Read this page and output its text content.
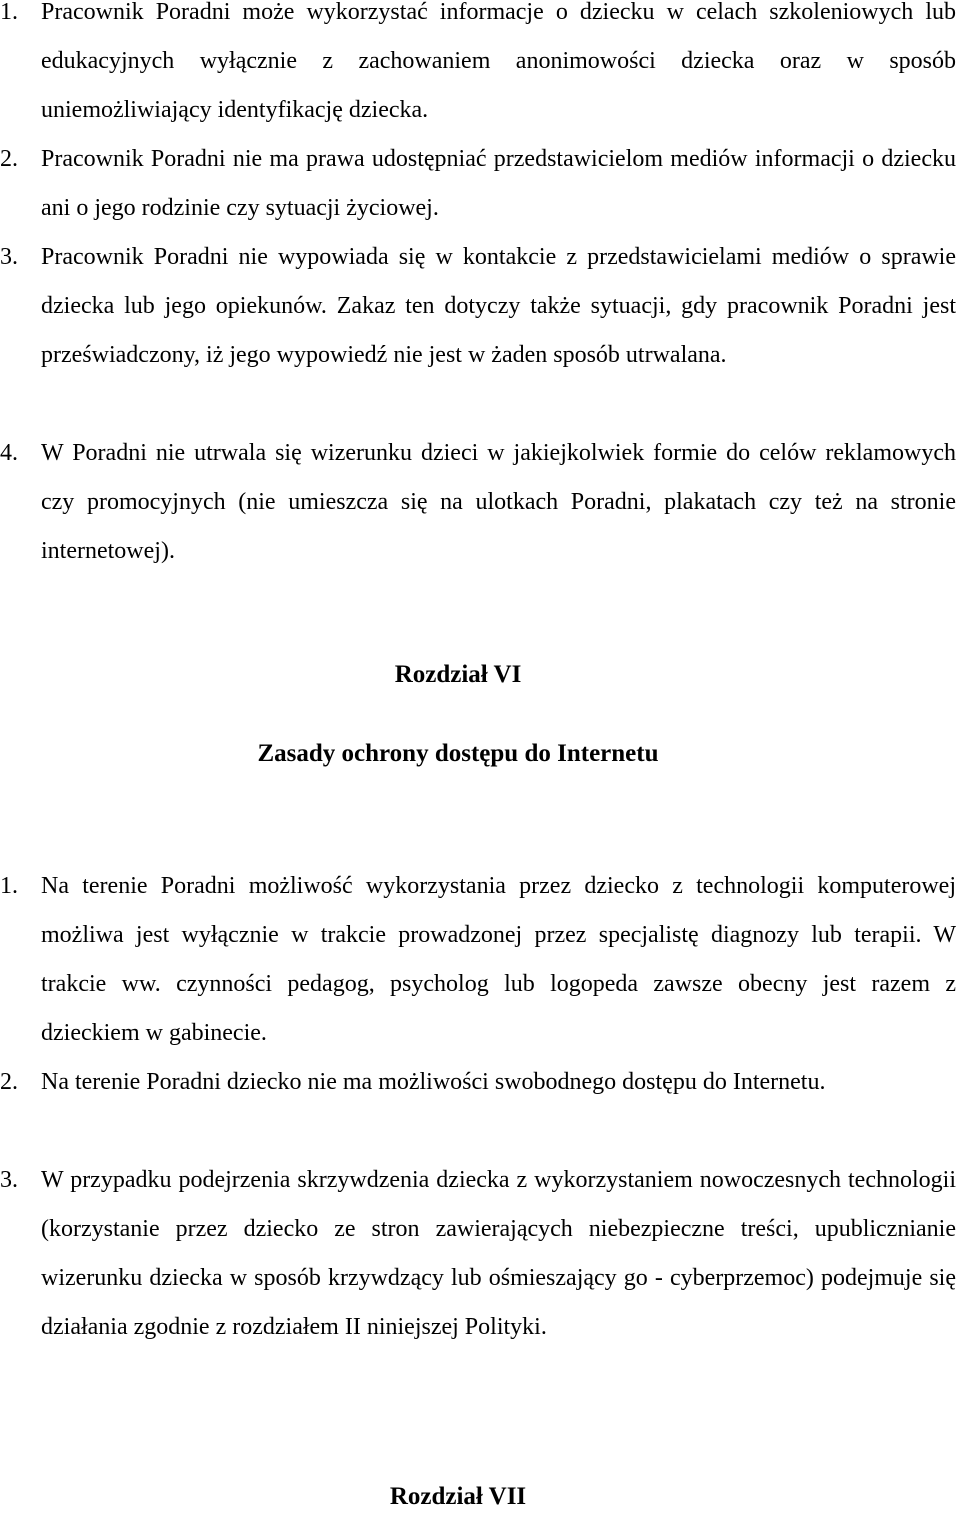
1. Pracownik Poradni może wykorzystać informacje o dziecku w celach szkoleniowych lub edukacyjnych wyłącznie z zachowaniem anonimowości dziecka oraz w sposób uniemożliwiający identyfikację dziecka.

2. Pracownik Poradni nie ma prawa udostępniać przedstawicielom mediów informacji o dziecku ani o jego rodzinie czy sytuacji życiowej.

3. Pracownik Poradni nie wypowiada się w kontakcie z przedstawicielami mediów o sprawie dziecka lub jego opiekunów. Zakaz ten dotyczy także sytuacji, gdy pracownik Poradni jest przeświadczony, iż jego wypowiedź nie jest w żaden sposób utrwalana.

4. W Poradni nie utrwala się wizerunku dzieci w jakiejkolwiek formie do celów reklamowych czy promocyjnych (nie umieszcza się na ulotkach Poradni, plakatach czy też na stronie internetowej).

Rozdział VI
Zasady ochrony dostępu do Internetu

1. Na terenie Poradni możliwość wykorzystania przez dziecko z technologii komputerowej możliwa jest wyłącznie w trakcie prowadzonej przez specjalistę diagnozy lub terapii. W trakcie ww. czynności pedagog, psycholog lub logopeda zawsze obecny jest razem z dzieckiem w gabinecie.

2. Na terenie Poradni dziecko nie ma możliwości swobodnego dostępu do Internetu.

3. W przypadku podejrzenia skrzywdzenia dziecka z wykorzystaniem nowoczesnych technologii (korzystanie przez dziecko ze stron zawierających niebezpieczne treści, upublicznianie wizerunku dziecka w sposób krzywdzący lub ośmieszający go - cyberprzemoc) podejmuje się działania zgodnie z rozdziałem II niniejszej Polityki.

Rozdział VII
